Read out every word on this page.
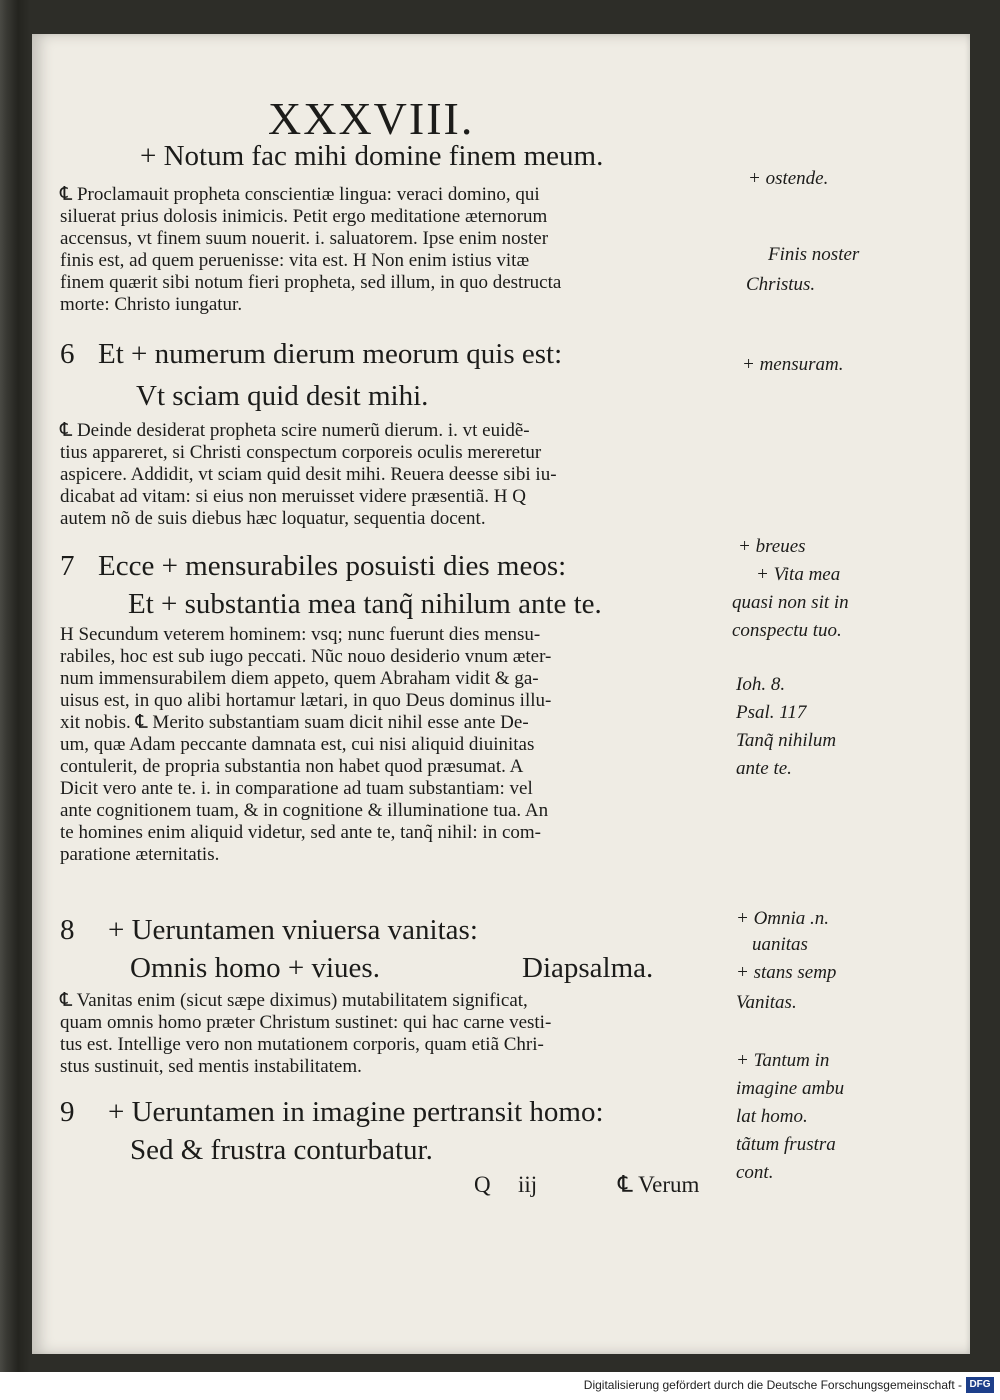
XXXVIII.
+ Notum fac mihi domine finem meum.
℄ Proclamauit propheta conscientiæ lingua: veraci domino, qui
siluerat prius dolosis inimicis. Petit ergo meditatione æternorum
accensus, vt finem suum nouerit. i. saluatorem. Ipse enim noster
finis est, ad quem peruenisse: vita est. H Non enim istius vitæ
finem quærit sibi notum fieri propheta, sed illum, in quo destructa
morte: Christo iungatur.
6 Et + numerum dierum meorum quis est:
Vt sciam quid desit mihi.
℄ Deinde desiderat propheta scire numerũ dierum. i. vt euidẽ-
tius appareret, si Christi conspectum corporeis oculis mereretur
aspicere. Addidit, vt sciam quid desit mihi. Reuera deesse sibi iu-
dicabat ad vitam: si eius non meruisset videre præsentiã. H Q
autem nõ de suis diebus hæc loquatur, sequentia docent.
7 Ecce + mensurabiles posuisti dies meos:
Et + substantia mea tanq̃ nihilum ante te.
H Secundum veterem hominem: vsq; nunc fuerunt dies mensu-
rabiles, hoc est sub iugo peccati. Nũc nouo desiderio vnum æter-
num immensurabilem diem appeto, quem Abraham vidit & ga-
uisus est, in quo alibi hortamur lætari, in quo Deus dominus illu-
xit nobis. ℄ Merito substantiam suam dicit nihil esse ante De-
um, quæ Adam peccante damnata est, cui nisi aliquid diuinitas
contulerit, de propria substantia non habet quod præsumat. A
Dicit vero ante te. i. in comparatione ad tuam substantiam: vel
ante cognitionem tuam, & in cognitione & illuminatione tua. An
te homines enim aliquid videtur, sed ante te, tanq̃ nihil: in com-
paratione æternitatis.
8 + Ueruntamen vniuersa vanitas:
Omnis homo + viues.	Diapsalma.
℄ Vanitas enim (sicut sæpe diximus) mutabilitatem significat,
quam omnis homo præter Christum sustinet: qui hac carne vesti-
tus est. Intellige vero non mutationem corporis, quam etiã Chri-
stus sustinuit, sed mentis instabilitatem.
9 + Ueruntamen in imagine pertransit homo:
Sed & frustra conturbatur.
Q iij	℄ Verum
+ ostende.
Finis noster
Christus.
+ mensuram.
+ breues
+ Vita mea
quasi non sit in
conspectu tuo.
Ioh. 8.
Psal. 117
Tanq̃ nihilum
ante te.
+ Omnia .n.
uanitas
+ stans semp
Vanitas.
+ Tantum in
imagine ambu
lat homo.
tãtum frustra
cont.
Digitalisierung gefördert durch die Deutsche Forschungsgemeinschaft - DFG
